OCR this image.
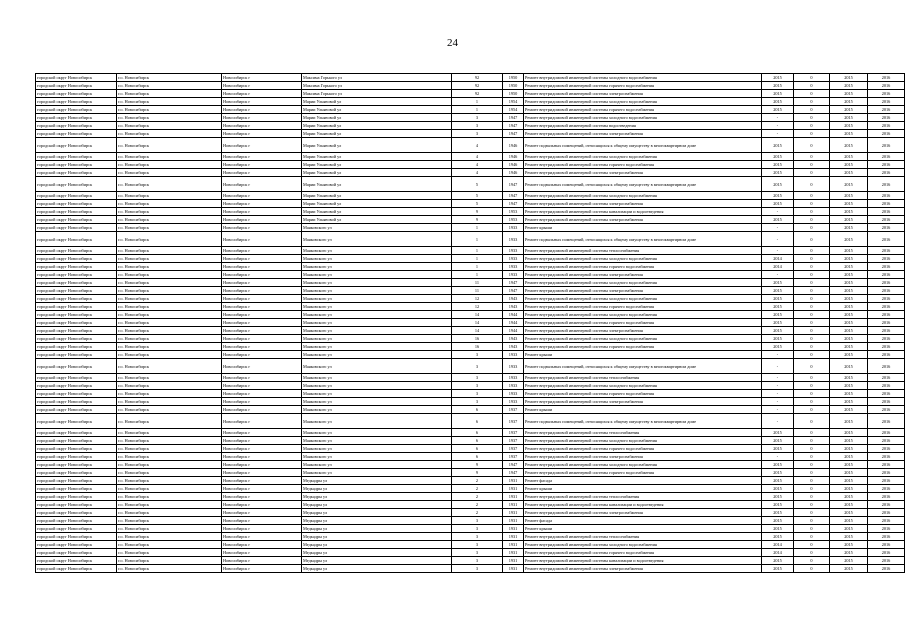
24
городской округ Новосибирск	г.о. Новосибирск	Новосибирск г	Максима Горького ул	92	1950	Ремонт внутридомовой инженерной системы холодного водоснабжения	2015	0	2015	2016
городской округ Новосибирск	г.о. Новосибирск	Новосибирск г	Максима Горького ул	92	1950	Ремонт внутридомовой инженерной системы горячего водоснабжения	2015	0	2015	2016
городской округ Новосибирск	г.о. Новосибирск	Новосибирск г	Максима Горького ул	92	1950	Ремонт внутридомовой инженерной системы электроснабжения	2015	0	2015	2016
городской округ Новосибирск	г.о. Новосибирск	Новосибирск г	Марии Ульяновой ул	1	1954	Ремонт внутридомовой инженерной системы холодного водоснабжения	2015	0	2015	2016
городской округ Новосибирск	г.о. Новосибирск	Новосибирск г	Марии Ульяновой ул	1	1954	Ремонт внутридомовой инженерной системы горячего водоснабжения	2015	0	2015	2016
городской округ Новосибирск	г.о. Новосибирск	Новосибирск г	Марии Ульяновой ул	3	1947	Ремонт внутридомовой инженерной системы холодного водоснабжения	-	0	2015	2016
городской округ Новосибирск	г.о. Новосибирск	Новосибирск г	Марии Ульяновой ул	3	1947	Ремонт внутридомовой инженерной системы водоотведения	-	0	2015	2016
городской округ Новосибирск	г.о. Новосибирск	Новосибирск г	Марии Ульяновой ул	3	1947	Ремонт внутридомовой инженерной системы электроснабжения	-	0	2015	2016
городской округ Новосибирск	г.о. Новосибирск	Новосибирск г	Марии Ульяновой ул	4	1946	Ремонт подвальных помещений, относящихся к общему имуществу в многоквартирном доме	2015	0	2015	2016
городской округ Новосибирск	г.о. Новосибирск	Новосибирск г	Марии Ульяновой ул	4	1946	Ремонт внутридомовой инженерной системы холодного водоснабжения	2015	0	2015	2016
городской округ Новосибирск	г.о. Новосибирск	Новосибирск г	Марии Ульяновой ул	4	1946	Ремонт внутридомовой инженерной системы горячего водоснабжения	2015	0	2015	2016
городской округ Новосибирск	г.о. Новосибирск	Новосибирск г	Марии Ульяновой ул	4	1946	Ремонт внутридомовой инженерной системы электроснабжения	2015	0	2015	2016
городской округ Новосибирск	г.о. Новосибирск	Новосибирск г	Марии Ульяновой ул	5	1947	Ремонт подвальных помещений, относящихся к общему имуществу в многоквартирном доме	2015	0	2015	2016
городской округ Новосибирск	г.о. Новосибирск	Новосибирск г	Марии Ульяновой ул	5	1947	Ремонт внутридомовой инженерной системы холодного водоснабжения	2015	0	2015	2016
городской округ Новосибирск	г.о. Новосибирск	Новосибирск г	Марии Ульяновой ул	5	1947	Ремонт внутридомовой инженерной системы электроснабжения	2015	0	2015	2016
городской округ Новосибирск	г.о. Новосибирск	Новосибирск г	Марии Ульяновой ул	9	1953	Ремонт внутридомовой инженерной системы канализации и водоотведения	-	0	2015	2016
городской округ Новосибирск	г.о. Новосибирск	Новосибирск г	Марии Ульяновой ул	9	1953	Ремонт внутридомовой инженерной системы электроснабжения	2015	0	2015	2016
городской округ Новосибирск	г.о. Новосибирск	Новосибирск г	Маяковского ул	1	1933	Ремонт крыши	-	0	2015	2016
городской округ Новосибирск	г.о. Новосибирск	Новосибирск г	Маяковского ул	1	1933	Ремонт подвальных помещений, относящихся к общему имуществу в многоквартирном доме	-	0	2015	2016
городской округ Новосибирск	г.о. Новосибирск	Новосибирск г	Маяковского ул	1	1933	Ремонт внутридомовой инженерной системы теплоснабжения	-	0	2015	2016
городской округ Новосибирск	г.о. Новосибирск	Новосибирск г	Маяковского ул	1	1933	Ремонт внутридомовой инженерной системы холодного водоснабжения	2014	0	2015	2016
городской округ Новосибирск	г.о. Новосибирск	Новосибирск г	Маяковского ул	1	1933	Ремонт внутридомовой инженерной системы горячего водоснабжения	2014	0	2015	2016
городской округ Новосибирск	г.о. Новосибирск	Новосибирск г	Маяковского ул	1	1933	Ремонт внутридомовой инженерной системы электроснабжения	-	0	2015	2016
городской округ Новосибирск	г.о. Новосибирск	Новосибирск г	Маяковского ул	11	1947	Ремонт внутридомовой инженерной системы холодного водоснабжения	2015	0	2015	2016
городской округ Новосибирск	г.о. Новосибирск	Новосибирск г	Маяковского ул	11	1947	Ремонт внутридомовой инженерной системы электроснабжения	2015	0	2015	2016
городской округ Новосибирск	г.о. Новосибирск	Новосибирск г	Маяковского ул	12	1943	Ремонт внутридомовой инженерной системы холодного водоснабжения	2015	0	2015	2016
городской округ Новосибирск	г.о. Новосибирск	Новосибирск г	Маяковского ул	12	1943	Ремонт внутридомовой инженерной системы горячего водоснабжения	2015	0	2015	2016
городской округ Новосибирск	г.о. Новосибирск	Новосибирск г	Маяковского ул	14	1944	Ремонт внутридомовой инженерной системы холодного водоснабжения	2015	0	2015	2016
городской округ Новосибирск	г.о. Новосибирск	Новосибирск г	Маяковского ул	14	1944	Ремонт внутридомовой инженерной системы горячего водоснабжения	2015	0	2015	2016
городской округ Новосибирск	г.о. Новосибирск	Новосибирск г	Маяковского ул	14	1944	Ремонт внутридомовой инженерной системы электроснабжения	2015	0	2015	2016
городской округ Новосибирск	г.о. Новосибирск	Новосибирск г	Маяковского ул	16	1943	Ремонт внутридомовой инженерной системы холодного водоснабжения	2015	0	2015	2016
городской округ Новосибирск	г.о. Новосибирск	Новосибирск г	Маяковского ул	16	1943	Ремонт внутридомовой инженерной системы горячего водоснабжения	2015	0	2015	2016
городской округ Новосибирск	г.о. Новосибирск	Новосибирск г	Маяковского ул	3	1933	Ремонт крыши	-	0	2015	2016
городской округ Новосибирск	г.о. Новосибирск	Новосибирск г	Маяковского ул	3	1933	Ремонт подвальных помещений, относящихся к общему имуществу в многоквартирном доме	-	0	2015	2016
городской округ Новосибирск	г.о. Новосибирск	Новосибирск г	Маяковского ул	3	1933	Ремонт внутридомовой инженерной системы теплоснабжения	-	0	2015	2016
городской округ Новосибирск	г.о. Новосибирск	Новосибирск г	Маяковского ул	3	1933	Ремонт внутридомовой инженерной системы холодного водоснабжения	-	0	2015	2016
городской округ Новосибирск	г.о. Новосибирск	Новосибирск г	Маяковского ул	3	1933	Ремонт внутридомовой инженерной системы горячего водоснабжения	-	0	2015	2016
городской округ Новосибирск	г.о. Новосибирск	Новосибирск г	Маяковского ул	3	1933	Ремонт внутридомовой инженерной системы электроснабжения	-	0	2015	2016
городской округ Новосибирск	г.о. Новосибирск	Новосибирск г	Маяковского ул	6	1937	Ремонт крыши	-	0	2015	2016
городской округ Новосибирск	г.о. Новосибирск	Новосибирск г	Маяковского ул	6	1937	Ремонт подвальных помещений, относящихся к общему имуществу в многоквартирном доме	-	0	2015	2016
городской округ Новосибирск	г.о. Новосибирск	Новосибирск г	Маяковского ул	6	1937	Ремонт внутридомовой инженерной системы теплоснабжения	2015	0	2015	2016
городской округ Новосибирск	г.о. Новосибирск	Новосибирск г	Маяковского ул	6	1937	Ремонт внутридомовой инженерной системы холодного водоснабжения	2015	0	2015	2016
городской округ Новосибирск	г.о. Новосибирск	Новосибирск г	Маяковского ул	6	1937	Ремонт внутридомовой инженерной системы горячего водоснабжения	2015	0	2015	2016
городской округ Новосибирск	г.о. Новосибирск	Новосибирск г	Маяковского ул	6	1937	Ремонт внутридомовой инженерной системы электроснабжения	-	0	2015	2016
городской округ Новосибирск	г.о. Новосибирск	Новосибирск г	Маяковского ул	9	1947	Ремонт внутридомовой инженерной системы холодного водоснабжения	2015	0	2015	2016
городской округ Новосибирск	г.о. Новосибирск	Новосибирск г	Маяковского ул	9	1947	Ремонт внутридомовой инженерной системы горячего водоснабжения	2015	0	2015	2016
городской округ Новосибирск	г.о. Новосибирск	Новосибирск г	Медкадры ул	2	1931	Ремонт фасада	2015	0	2015	2016
городской округ Новосибирск	г.о. Новосибирск	Новосибирск г	Медкадры ул	2	1931	Ремонт крыши	2015	0	2015	2016
городской округ Новосибирск	г.о. Новосибирск	Новосибирск г	Медкадры ул	2	1931	Ремонт внутридомовой инженерной системы теплоснабжения	2015	0	2015	2016
городской округ Новосибирск	г.о. Новосибирск	Новосибирск г	Медкадры ул	2	1931	Ремонт внутридомовой инженерной системы канализации и водоотведения	2015	0	2015	2016
городской округ Новосибирск	г.о. Новосибирск	Новосибирск г	Медкадры ул	2	1931	Ремонт внутридомовой инженерной системы электроснабжения	2015	0	2015	2016
городской округ Новосибирск	г.о. Новосибирск	Новосибирск г	Медкадры ул	3	1931	Ремонт фасада	2015	0	2015	2016
городской округ Новосибирск	г.о. Новосибирск	Новосибирск г	Медкадры ул	3	1931	Ремонт крыши	2015	0	2015	2016
городской округ Новосибирск	г.о. Новосибирск	Новосибирск г	Медкадры ул	3	1931	Ремонт внутридомовой инженерной системы теплоснабжения	2015	0	2015	2016
городской округ Новосибирск	г.о. Новосибирск	Новосибирск г	Медкадры ул	3	1931	Ремонт внутридомовой инженерной системы холодного водоснабжения	2014	0	2015	2016
городской округ Новосибирск	г.о. Новосибирск	Новосибирск г	Медкадры ул	3	1931	Ремонт внутридомовой инженерной системы горячего водоснабжения	2014	0	2015	2016
городской округ Новосибирск	г.о. Новосибирск	Новосибирск г	Медкадры ул	3	1931	Ремонт внутридомовой инженерной системы канализации и водоотведения	2015	0	2015	2016
городской округ Новосибирск	г.о. Новосибирск	Новосибирск г	Медкадры ул	3	1931	Ремонт внутридомовой инженерной системы электроснабжения	2015	0	2015	2016
